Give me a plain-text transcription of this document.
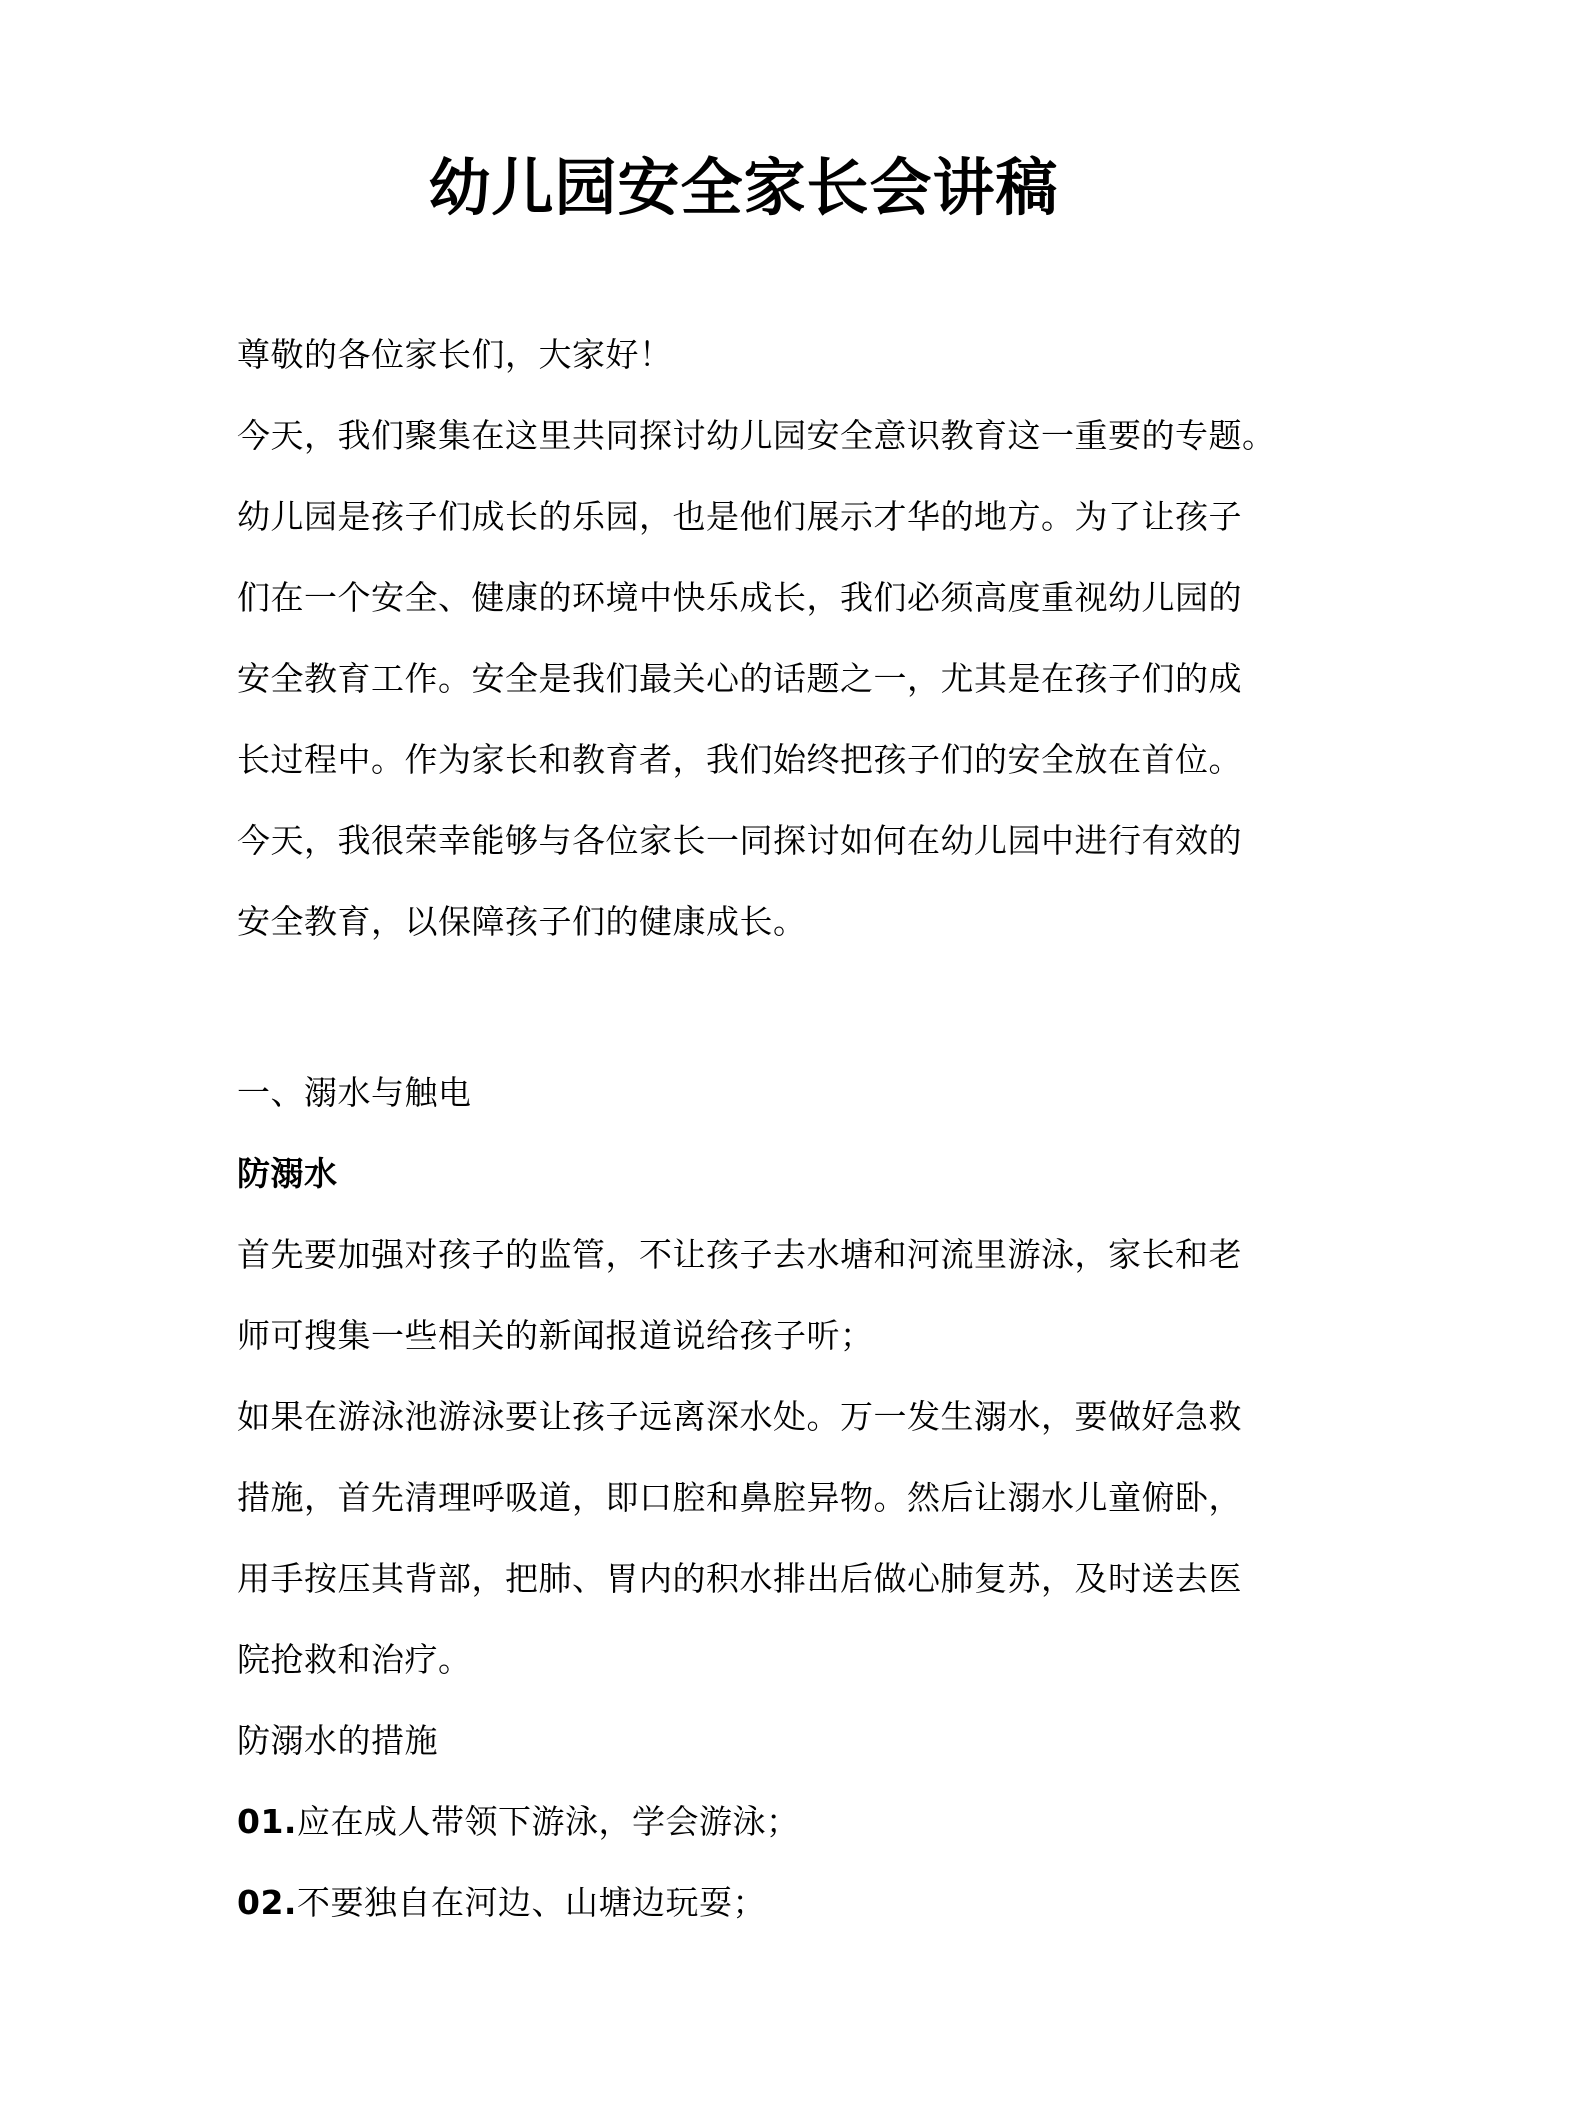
幼儿园安全家长会讲稿
尊敬的各位家长们，大家好！
今天，我们聚集在这里共同探讨幼儿园安全意识教育这一重要的专题。
幼儿园是孩子们成长的乐园，也是他们展示才华的地方。为了让孩子
们在一个安全、健康的环境中快乐成长，我们必须高度重视幼儿园的
安全教育工作。安全是我们最关心的话题之一，尤其是在孩子们的成
长过程中。作为家长和教育者，我们始终把孩子们的安全放在首位。
今天，我很荣幸能够与各位家长一同探讨如何在幼儿园中进行有效的
安全教育，以保障孩子们的健康成长。
一、溺水与触电
防溺水
首先要加强对孩子的监管，不让孩子去水塘和河流里游泳，家长和老
师可搜集一些相关的新闻报道说给孩子听；
如果在游泳池游泳要让孩子远离深水处。万一发生溺水，要做好急救
措施，首先清理呼吸道，即口腔和鼻腔异物。然后让溺水儿童俯卧，
用手按压其背部，把肺、胃内的积水排出后做心肺复苏，及时送去医
院抢救和治疗。
防溺水的措施
01.应在成人带领下游泳，学会游泳；
02.不要独自在河边、山塘边玩耍；
